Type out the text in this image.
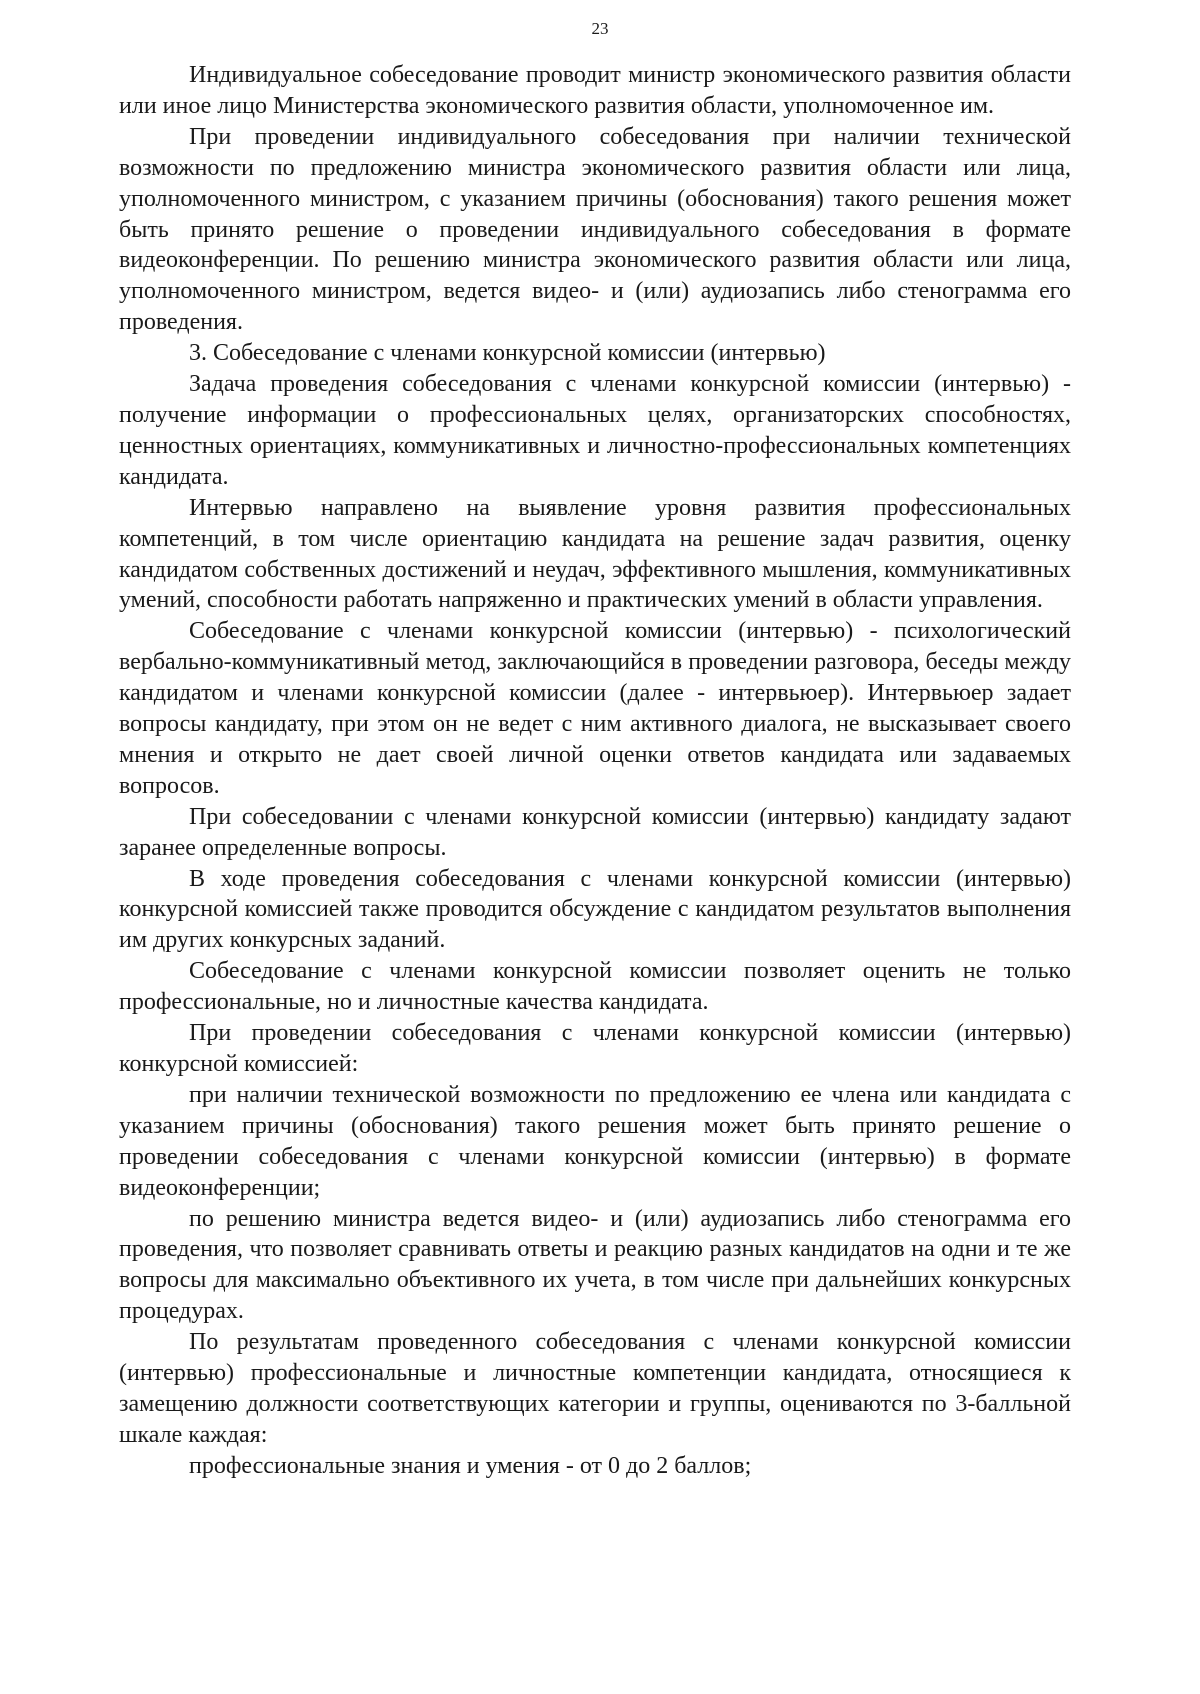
23

Индивидуальное собеседование проводит министр экономического развития области или иное лицо Министерства экономического развития области, уполномоченное им.

При проведении индивидуального собеседования при наличии технической возможности по предложению министра экономического развития области или лица, уполномоченного министром, с указанием причины (обоснования) такого решения может быть принято решение о проведении индивидуального собеседования в формате видеоконференции. По решению министра экономического развития области или лица, уполномоченного министром, ведется видео- и (или) аудиозапись либо стенограмма его проведения.

3. Собеседование с членами конкурсной комиссии (интервью)

Задача проведения собеседования с членами конкурсной комиссии (интервью) - получение информации о профессиональных целях, организаторских способностях, ценностных ориентациях, коммуникативных и личностно-профессиональных компетенциях кандидата.

Интервью направлено на выявление уровня развития профессиональных компетенций, в том числе ориентацию кандидата на решение задач развития, оценку кандидатом собственных достижений и неудач, эффективного мышления, коммуникативных умений, способности работать напряженно и практических умений в области управления.

Собеседование с членами конкурсной комиссии (интервью) - психологический вербально-коммуникативный метод, заключающийся в проведении разговора, беседы между кандидатом и членами конкурсной комиссии (далее - интервьюер). Интервьюер задает вопросы кандидату, при этом он не ведет с ним активного диалога, не высказывает своего мнения и открыто не дает своей личной оценки ответов кандидата или задаваемых вопросов.

При собеседовании с членами конкурсной комиссии (интервью) кандидату задают заранее определенные вопросы.

В ходе проведения собеседования с членами конкурсной комиссии (интервью) конкурсной комиссией также проводится обсуждение с кандидатом результатов выполнения им других конкурсных заданий.

Собеседование с членами конкурсной комиссии позволяет оценить не только профессиональные, но и личностные качества кандидата.

При проведении собеседования с членами конкурсной комиссии (интервью) конкурсной комиссией:

при наличии технической возможности по предложению ее члена или кандидата с указанием причины (обоснования) такого решения может быть принято решение о проведении собеседования с членами конкурсной комиссии (интервью) в формате видеоконференции;

по решению министра ведется видео- и (или) аудиозапись либо стенограмма его проведения, что позволяет сравнивать ответы и реакцию разных кандидатов на одни и те же вопросы для максимально объективного их учета, в том числе при дальнейших конкурсных процедурах.

По результатам проведенного собеседования с членами конкурсной комиссии (интервью) профессиональные и личностные компетенции кандидата, относящиеся к замещению должности соответствующих категории и группы, оцениваются по 3-балльной шкале каждая:

профессиональные знания и умения - от 0 до 2 баллов;
